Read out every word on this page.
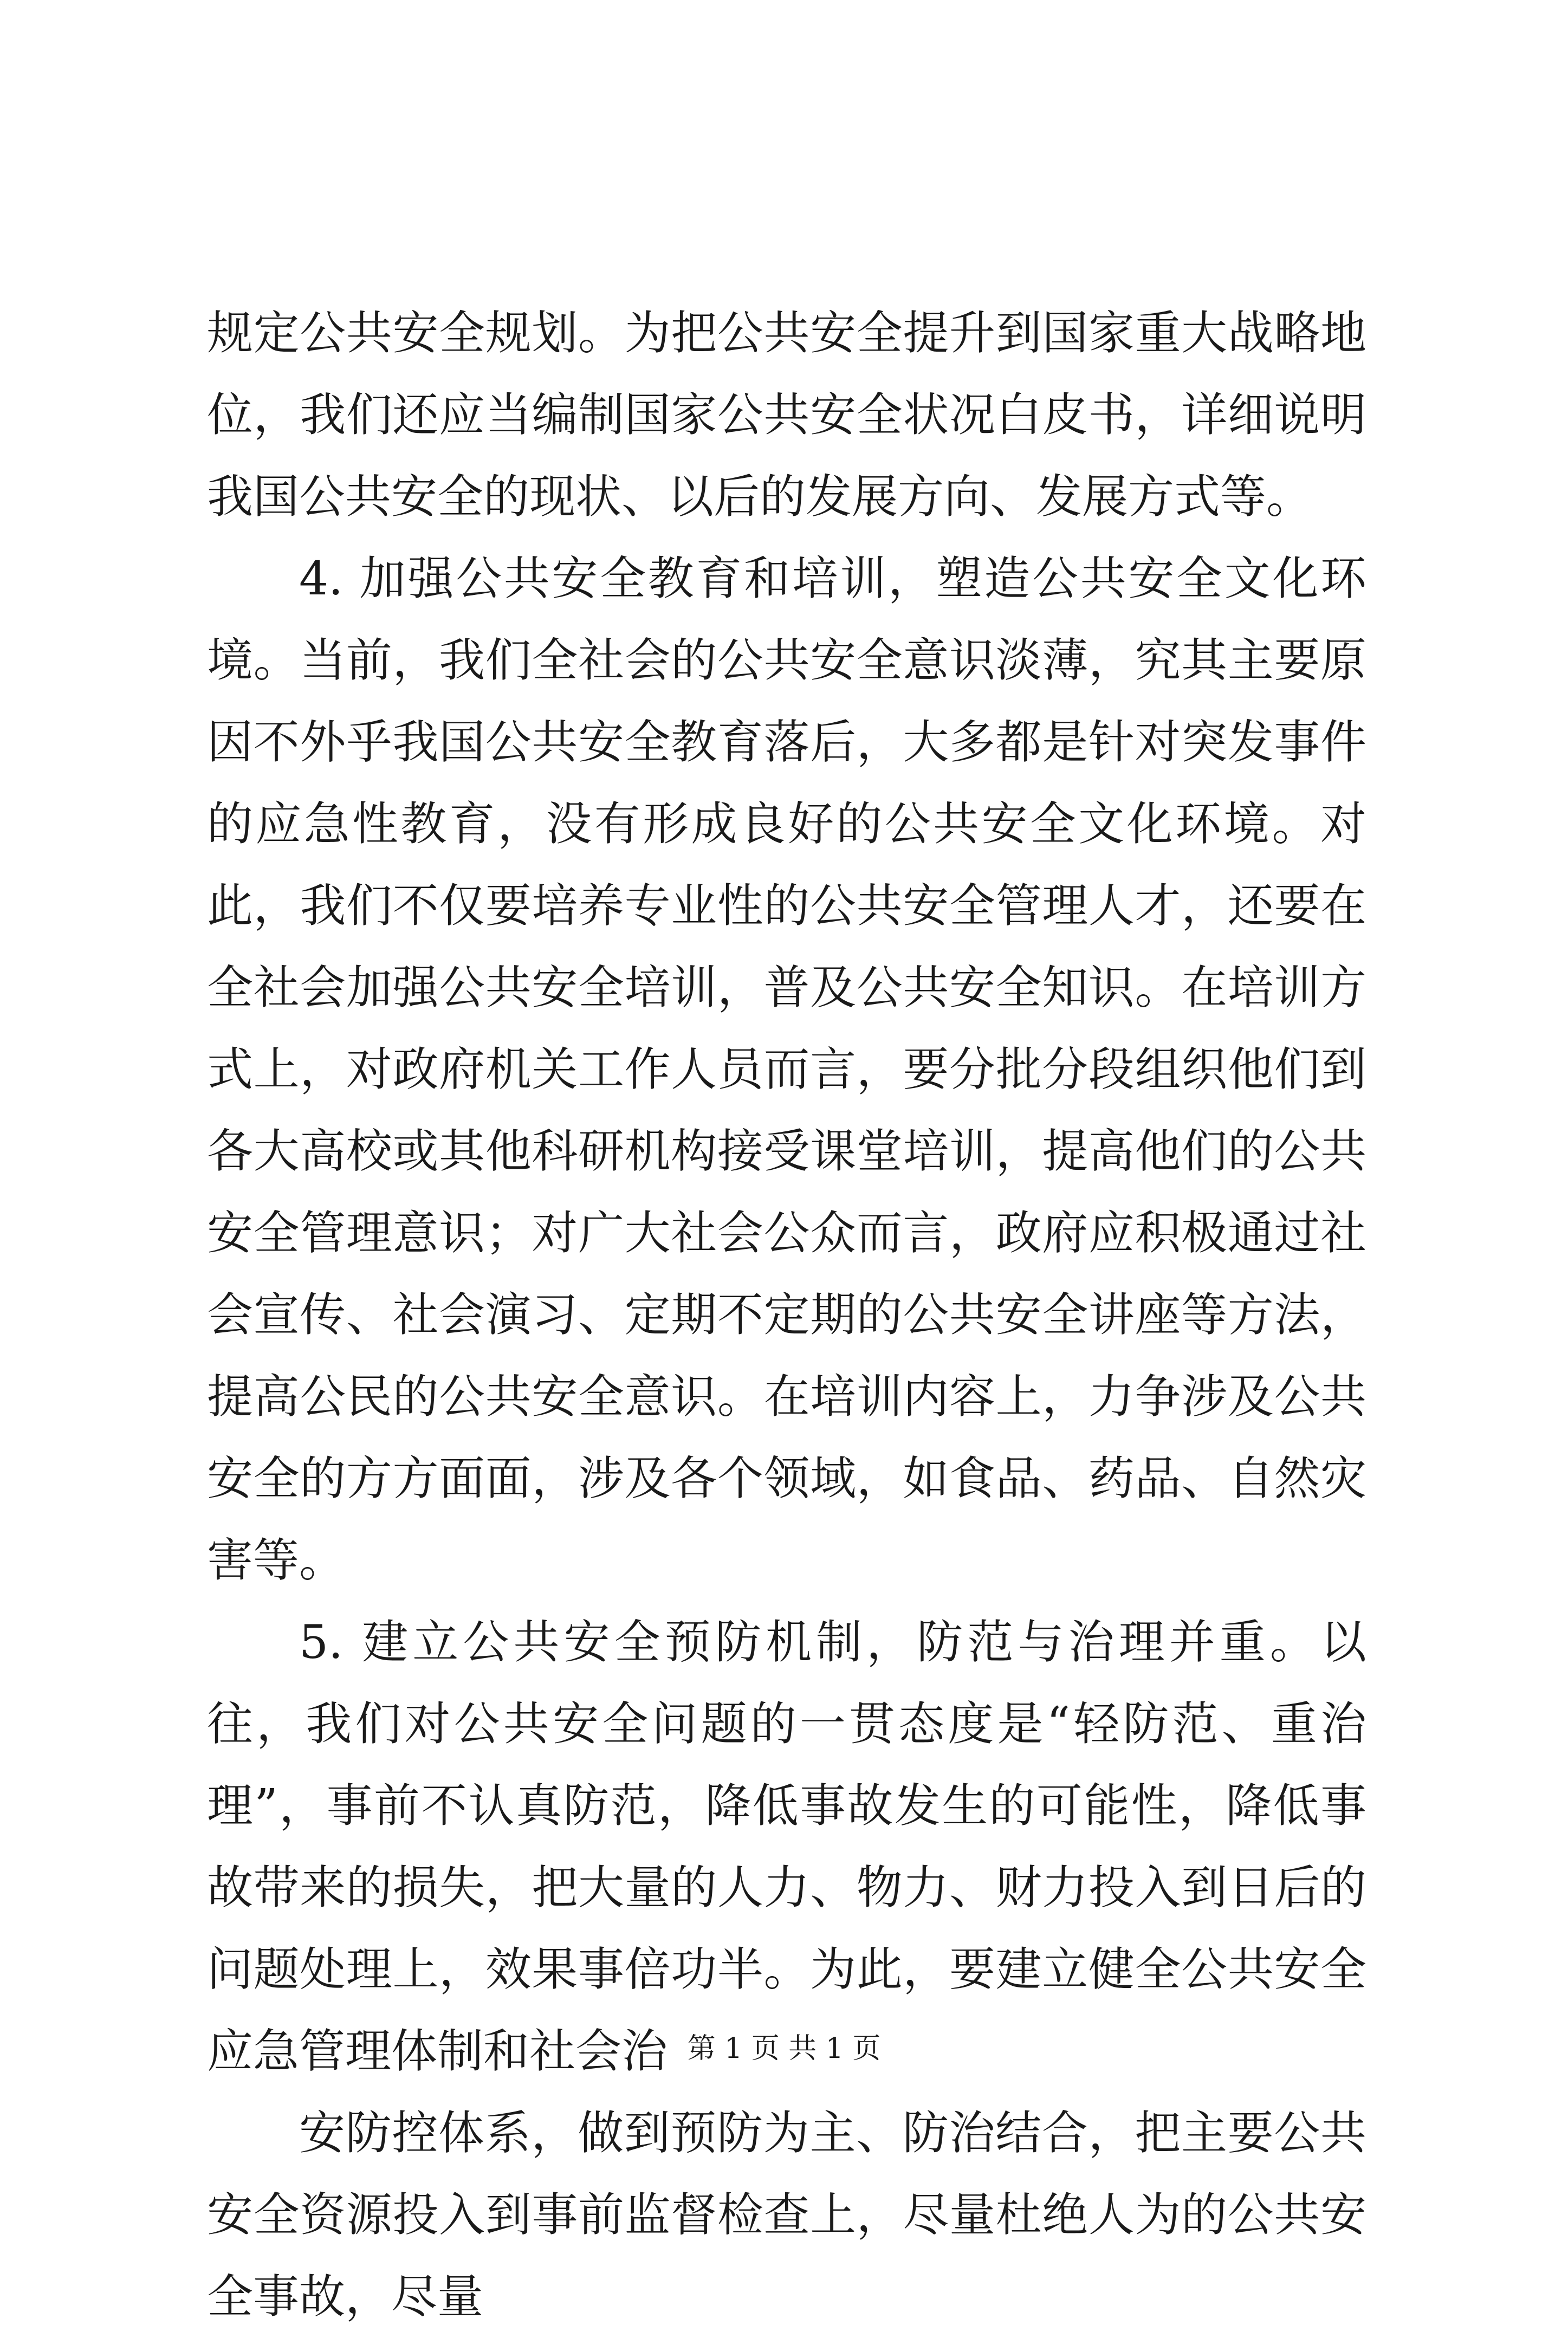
规定公共安全规划。为把公共安全提升到国家重大战略地位，我们还应当编制国家公共安全状况白皮书，详细说明我国公共安全的现状、以后的发展方向、发展方式等。

4. 加强公共安全教育和培训，塑造公共安全文化环境。当前，我们全社会的公共安全意识淡薄，究其主要原因不外乎我国公共安全教育落后，大多都是针对突发事件的应急性教育，没有形成良好的公共安全文化环境。对此，我们不仅要培养专业性的公共安全管理人才，还要在全社会加强公共安全培训，普及公共安全知识。在培训方式上，对政府机关工作人员而言，要分批分段组织他们到各大高校或其他科研机构接受课堂培训，提高他们的公共安全管理意识；对广大社会公众而言，政府应积极通过社会宣传、社会演习、定期不定期的公共安全讲座等方法，提高公民的公共安全意识。在培训内容上，力争涉及公共安全的方方面面，涉及各个领域，如食品、药品、自然灾害等。

5. 建立公共安全预防机制，防范与治理并重。以往，我们对公共安全问题的一贯态度是“轻防范、重治理”，事前不认真防范，降低事故发生的可能性，降低事故带来的损失，把大量的人力、物力、财力投入到日后的问题处理上，效果事倍功半。为此，要建立健全公共安全应急管理体制和社会治

安防控体系，做到预防为主、防治结合，把主要公共安全资源投入到事前监督检查上，尽量杜绝人为的公共安全事故，尽量

第 1 页 共 1 页
